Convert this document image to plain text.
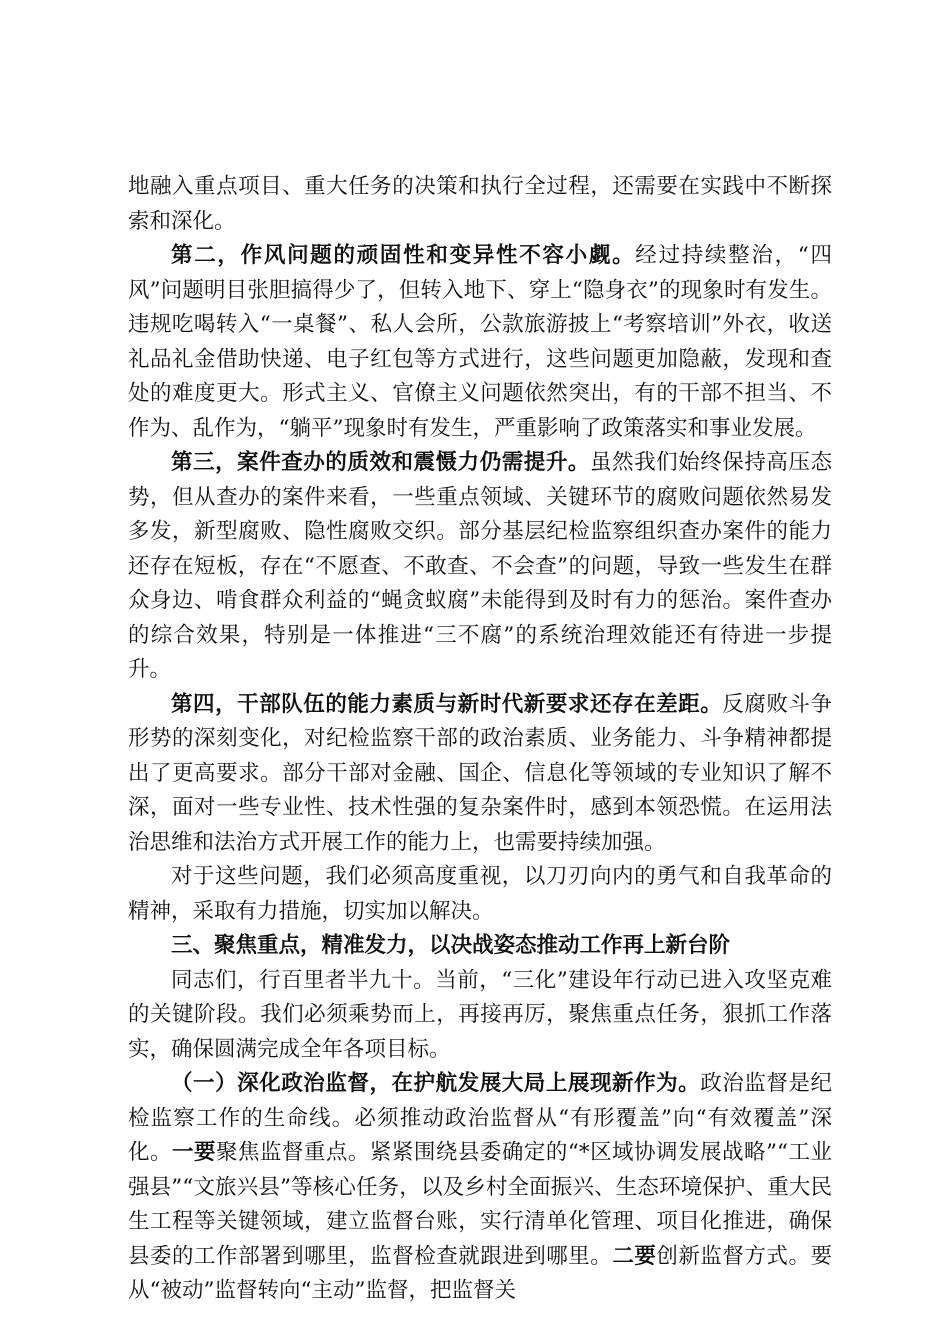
地融入重点项目、重大任务的决策和执行全过程，还需要在实践中不断探索和深化。

第二，作风问题的顽固性和变异性不容小觑。经过持续整治，“四风”问题明目张胆搞得少了，但转入地下、穿上“隐身衣”的现象时有发生。违规吃喝转入“一桌餐”、私人会所，公款旅游披上“考察培训”外衣，收送礼品礼金借助快递、电子红包等方式进行，这些问题更加隐蔽，发现和查处的难度更大。形式主义、官僚主义问题依然突出，有的干部不担当、不作为、乱作为，“躺平”现象时有发生，严重影响了政策落实和事业发展。

第三，案件查办的质效和震慑力仍需提升。虽然我们始终保持高压态势，但从查办的案件来看，一些重点领域、关键环节的腐败问题依然易发多发，新型腐败、隐性腐败交织。部分基层纪检监察组织查办案件的能力还存在短板，存在“不愿查、不敢查、不会查”的问题，导致一些发生在群众身边、啃食群众利益的“蝇贪蚁腐”未能得到及时有力的惩治。案件查办的综合效果，特别是一体推进“三不腐”的系统治理效能还有待进一步提升。

第四，干部队伍的能力素质与新时代新要求还存在差距。反腐败斗争形势的深刻变化，对纪检监察干部的政治素质、业务能力、斗争精神都提出了更高要求。部分干部对金融、国企、信息化等领域的专业知识了解不深，面对一些专业性、技术性强的复杂案件时，感到本领恐慌。在运用法治思维和法治方式开展工作的能力上，也需要持续加强。

对于这些问题，我们必须高度重视，以刀刃向内的勇气和自我革命的精神，采取有力措施，切实加以解决。

三、聚焦重点，精准发力，以决战姿态推动工作再上新台阶

同志们，行百里者半九十。当前，“三化”建设年行动已进入攻坚克难的关键阶段。我们必须乘势而上，再接再厉，聚焦重点任务，狠抓工作落实，确保圆满完成全年各项目标。

（一）深化政治监督，在护航发展大局上展现新作为。政治监督是纪检监察工作的生命线。必须推动政治监督从“有形覆盖”向“有效覆盖”深化。一要聚焦监督重点。紧紧围绕县委确定的“*区域协调发展战略”“工业强县”“文旅兴县”等核心任务，以及乡村全面振兴、生态环境保护、重大民生工程等关键领域，建立监督台账，实行清单化管理、项目化推进，确保县委的工作部署到哪里，监督检查就跟进到哪里。二要创新监督方式。要从“被动”监督转向“主动”监督，把监督关
